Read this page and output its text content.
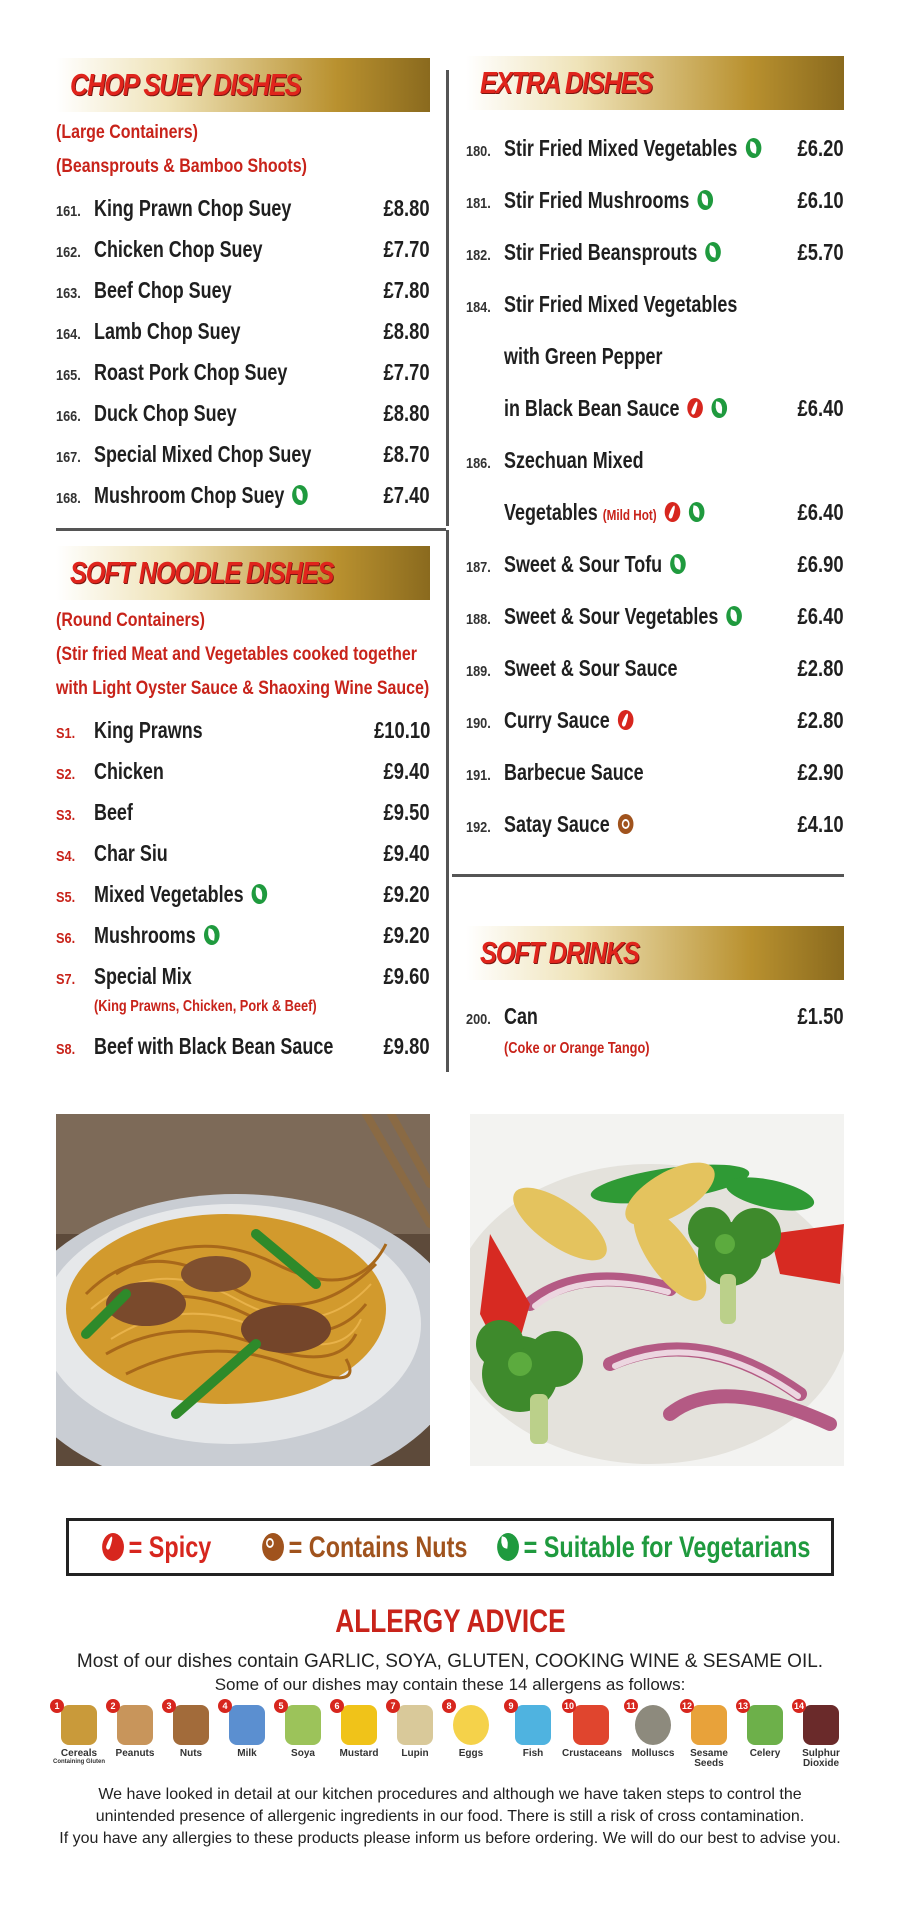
CHOP SUEY DISHES
(Large Containers)
(Beansprouts & Bamboo Shoots)
161. King Prawn Chop Suey	£8.80
162. Chicken Chop Suey	£7.70
163. Beef Chop Suey	£7.80
164. Lamb Chop Suey	£8.80
165. Roast Pork Chop Suey	£7.70
166. Duck Chop Suey	£8.80
167. Special Mixed Chop Suey	£8.70
168. Mushroom Chop Suey	£7.40
SOFT NOODLE DISHES
(Round Containers)
(Stir fried Meat and Vegetables cooked together
with Light Oyster Sauce & Shaoxing Wine Sauce)
S1. King Prawns	£10.10
S2. Chicken	£9.40
S3. Beef	£9.50
S4. Char Siu	£9.40
S5. Mixed Vegetables	£9.20
S6. Mushrooms	£9.20
S7. Special Mix	£9.60
(King Prawns, Chicken, Pork & Beef)
S8. Beef with Black Bean Sauce £9.80
EXTRA DISHES
180. Stir Fried Mixed Vegetables	£6.20
181. Stir Fried Mushrooms	£6.10
182. Stir Fried Beansprouts	£5.70
184. Stir Fried Mixed Vegetables
with Green Pepper
in Black Bean Sauce	£6.40
186. Szechuan Mixed
Vegetables (Mild Hot)	£6.40
187. Sweet & Sour Tofu	£6.90
188. Sweet & Sour Vegetables	£6.40
189. Sweet & Sour Sauce	£2.80
190. Curry Sauce	£2.80
191. Barbecue Sauce	£2.90
192. Satay Sauce	£4.10
SOFT DRINKS
200. Can	£1.50
(Coke or Orange Tango)
= Spicy	= Contains Nuts	= Suitable for Vegetarians
ALLERGY ADVICE
Most of our dishes contain GARLIC, SOYA, GLUTEN, COOKING WINE & SESAME OIL.
Some of our dishes may contain these 14 allergens as follows:
1
Cereals
Containing Gluten
2
Peanuts
3
Nuts
4
Milk
5
Soya
6
Mustard
7
Lupin
8
Eggs
9
Fish
10
Crustaceans
11
Molluscs
12
Sesame Seeds
13
Celery
14
Sulphur Dioxide
We have looked in detail at our kitchen procedures and although we have taken steps to control the
unintended presence of allergenic ingredients in our food. There is still a risk of cross contamination.
If you have any allergies to these products please inform us before ordering. We will do our best to advise you.
